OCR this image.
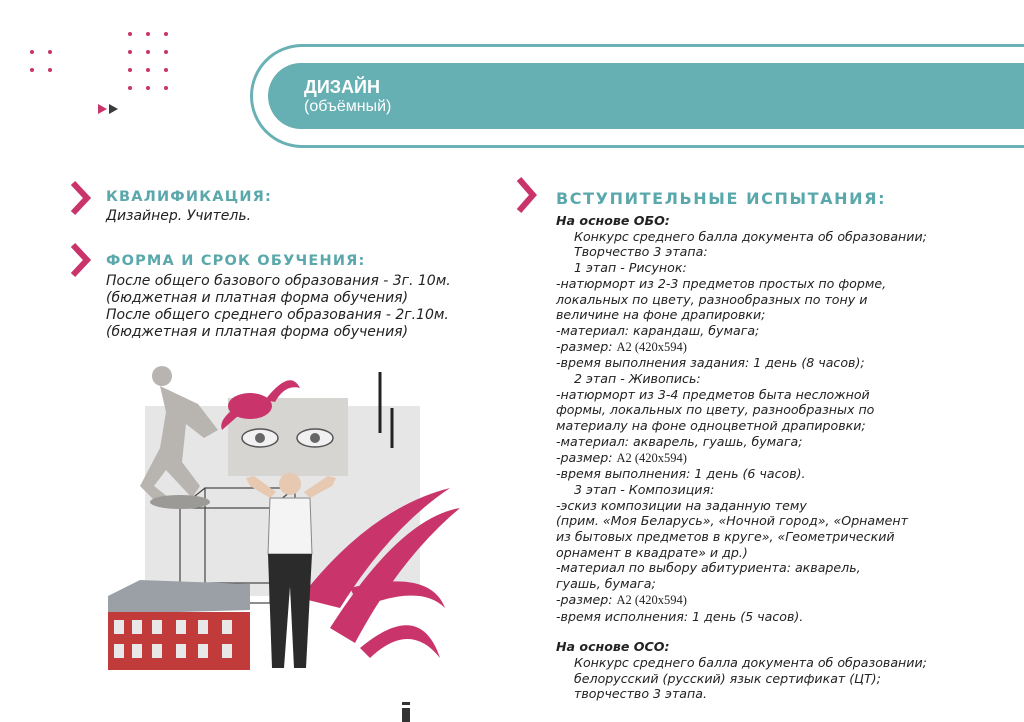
ДИЗАЙН
(объёмный)
КВАЛИФИКАЦИЯ:
Дизайнер. Учитель.
ФОРМА И СРОК ОБУЧЕНИЯ:
После общего базового образования - 3г. 10м.
(бюджетная и платная форма обучения)
После общего среднего образования - 2г.10м.
(бюджетная и платная форма обучения)
ВСТУПИТЕЛЬНЫЕ ИСПЫТАНИЯ:
На основе ОБО:
Конкурс среднего балла документа об образовании;
Творчество 3 этапа:
1 этап - Рисунок:
-натюрморт из 2-3 предметов простых по форме,
локальных по цвету, разнообразных по тону и
величине на фоне драпировки;
-материал: карандаш, бумага;
-размер: А2 (420х594)
-время выполнения задания: 1 день (8 часов);
2 этап - Живопись:
-натюрморт из 3-4 предметов быта несложной
формы, локальных по цвету, разнообразных по
материалу на фоне одноцветной драпировки;
-материал: акварель, гуашь, бумага;
-размер: А2 (420х594)
-время выполнения: 1 день (6 часов).
3 этап - Композиция:
-эскиз композиции на заданную тему
(прим. «Моя Беларусь», «Ночной город», «Орнамент
из бытовых предметов в круге», «Геометрический
орнамент в квадрате» и др.)
-материал по выбору абитуриента: акварель,
гуашь, бумага;
-размер: А2 (420х594)
-время исполнения: 1 день (5 часов).
На основе ОСО:
Конкурс среднего балла документа об образовании;
белорусский (русский) язык сертификат (ЦТ);
творчество 3 этапа.
